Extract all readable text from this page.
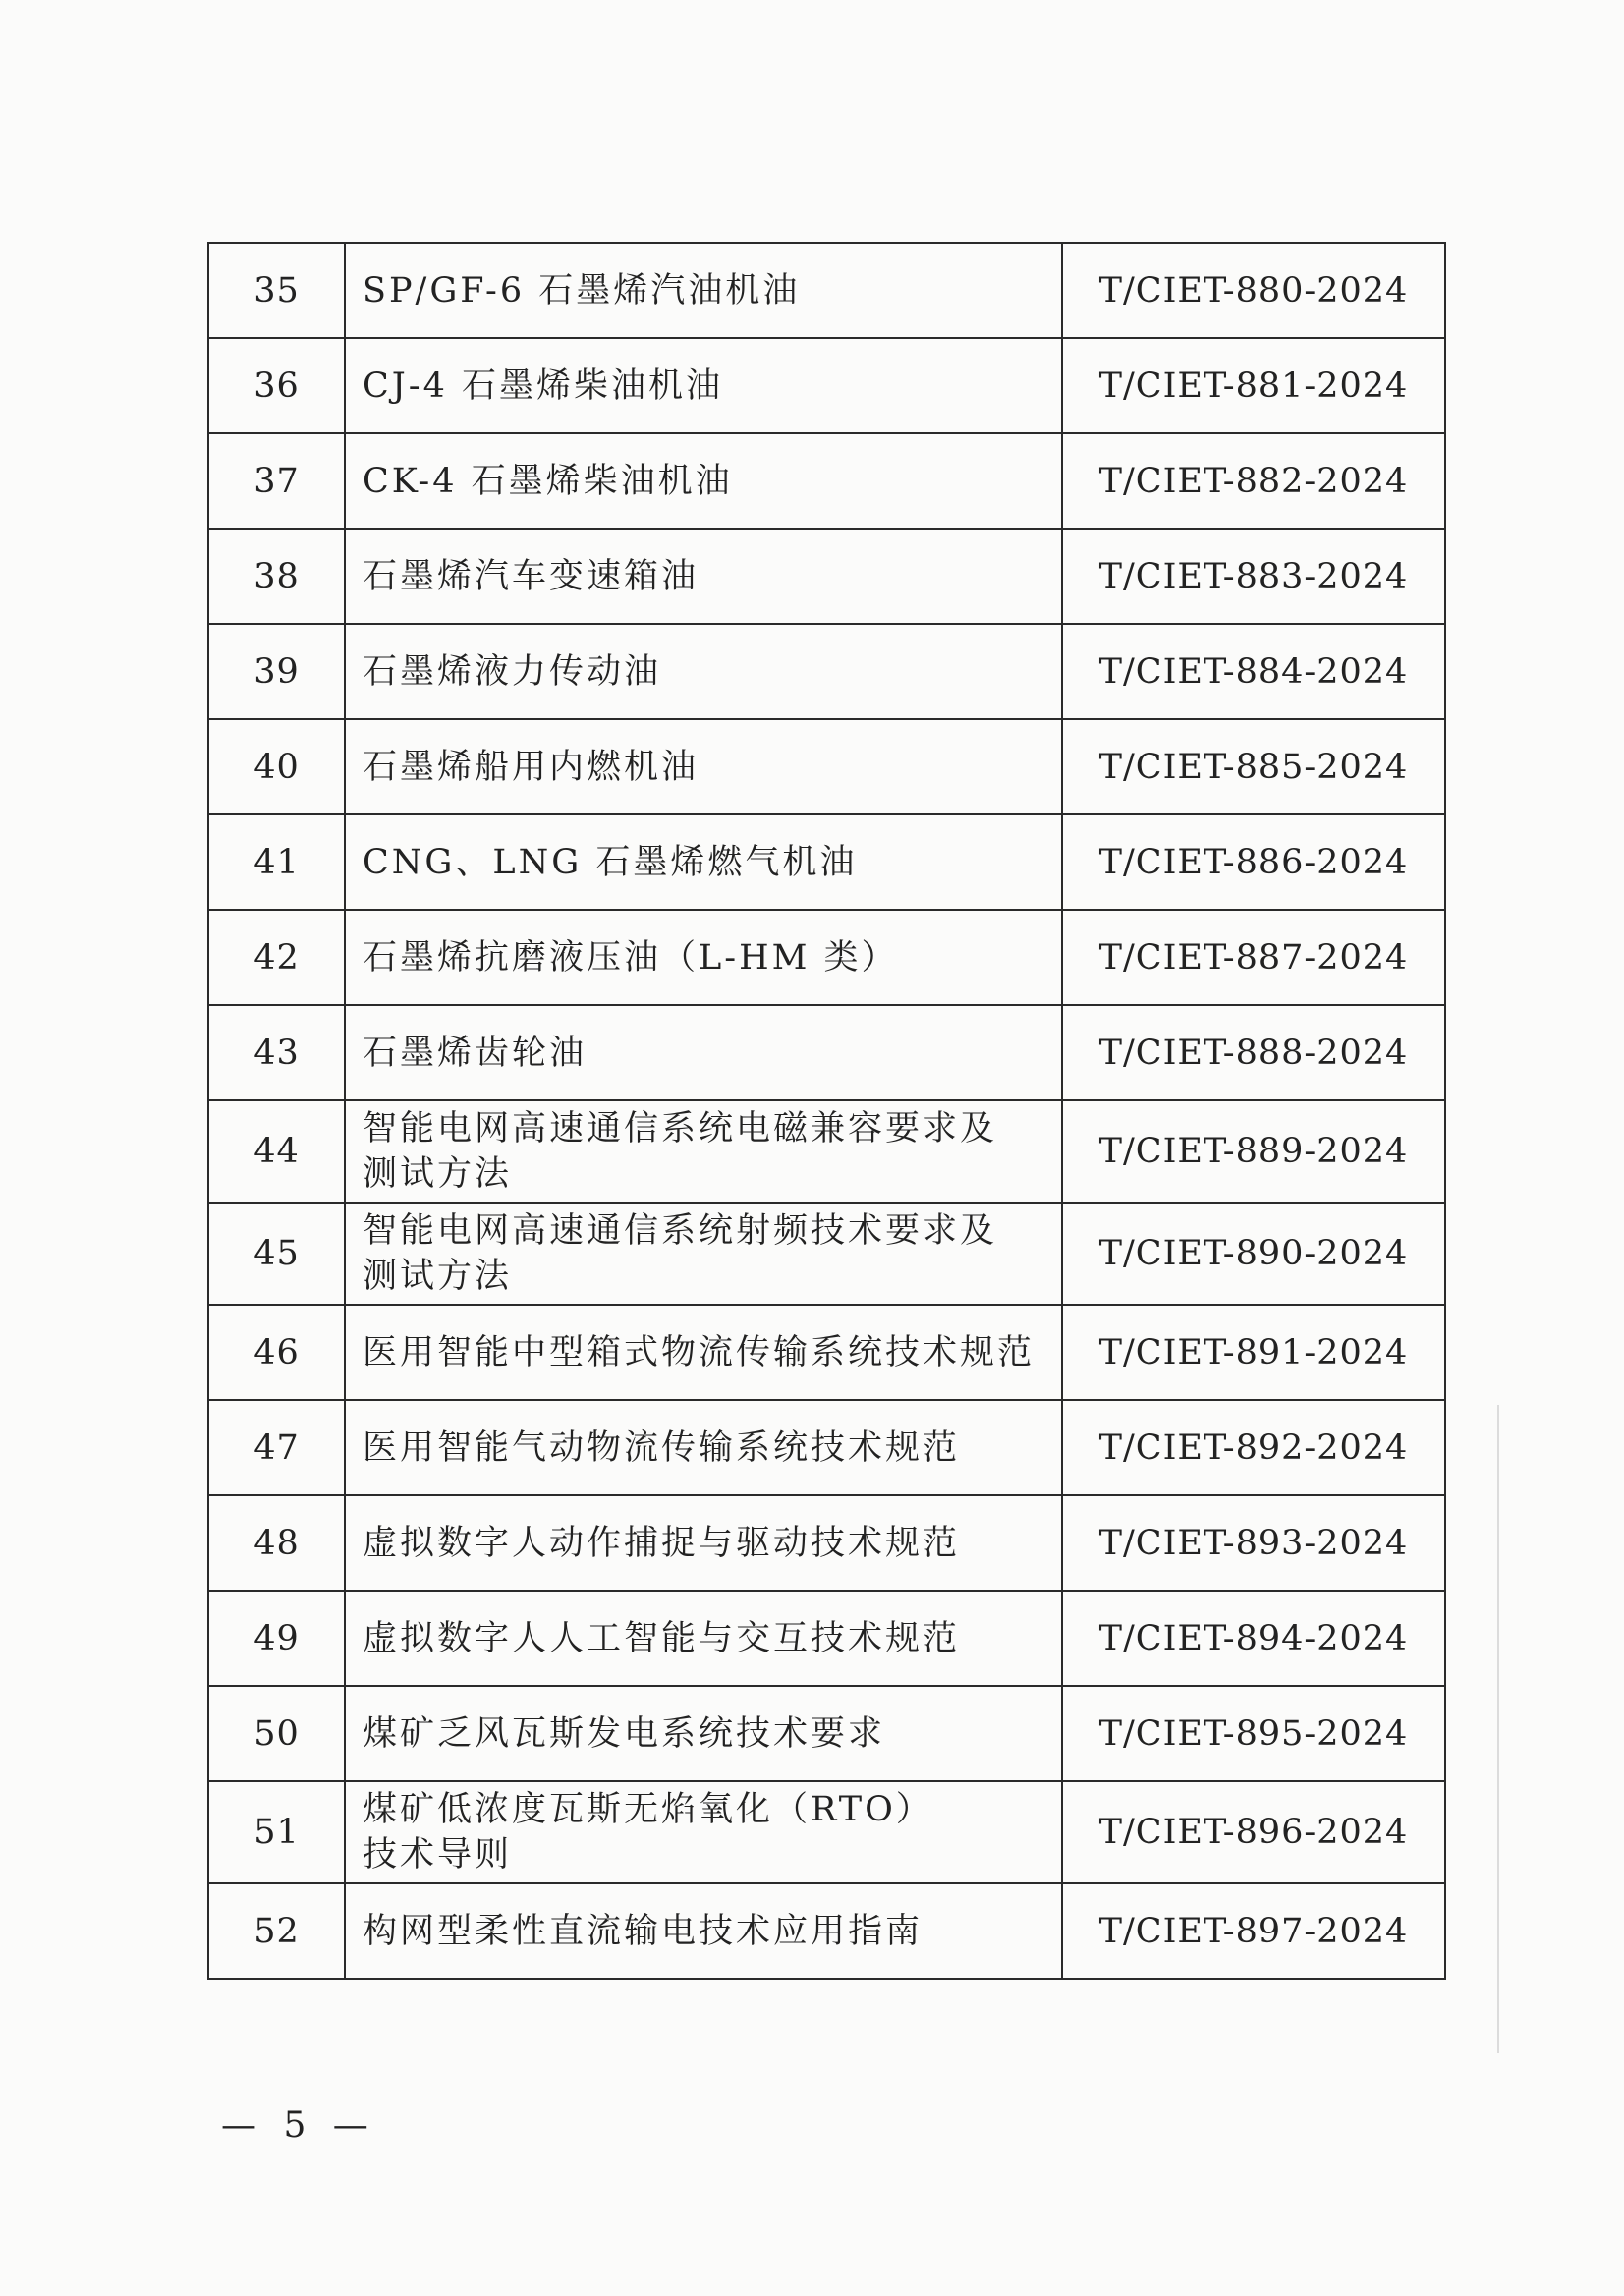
35	SP/GF-6 石墨烯汽油机油	T/CIET-880-2024
36	CJ-4 石墨烯柴油机油	T/CIET-881-2024
37	CK-4 石墨烯柴油机油	T/CIET-882-2024
38	石墨烯汽车变速箱油	T/CIET-883-2024
39	石墨烯液力传动油	T/CIET-884-2024
40	石墨烯船用内燃机油	T/CIET-885-2024
41	CNG、LNG 石墨烯燃气机油	T/CIET-886-2024
42	石墨烯抗磨液压油（L-HM 类）	T/CIET-887-2024
43	石墨烯齿轮油	T/CIET-888-2024
44	智能电网高速通信系统电磁兼容要求及
测试方法	T/CIET-889-2024
45	智能电网高速通信系统射频技术要求及
测试方法	T/CIET-890-2024
46	医用智能中型箱式物流传输系统技术规范	T/CIET-891-2024
47	医用智能气动物流传输系统技术规范	T/CIET-892-2024
48	虚拟数字人动作捕捉与驱动技术规范	T/CIET-893-2024
49	虚拟数字人人工智能与交互技术规范	T/CIET-894-2024
50	煤矿乏风瓦斯发电系统技术要求	T/CIET-895-2024
51	煤矿低浓度瓦斯无焰氧化（RTO）
技术导则	T/CIET-896-2024
52	构网型柔性直流输电技术应用指南	T/CIET-897-2024
— 5 —
